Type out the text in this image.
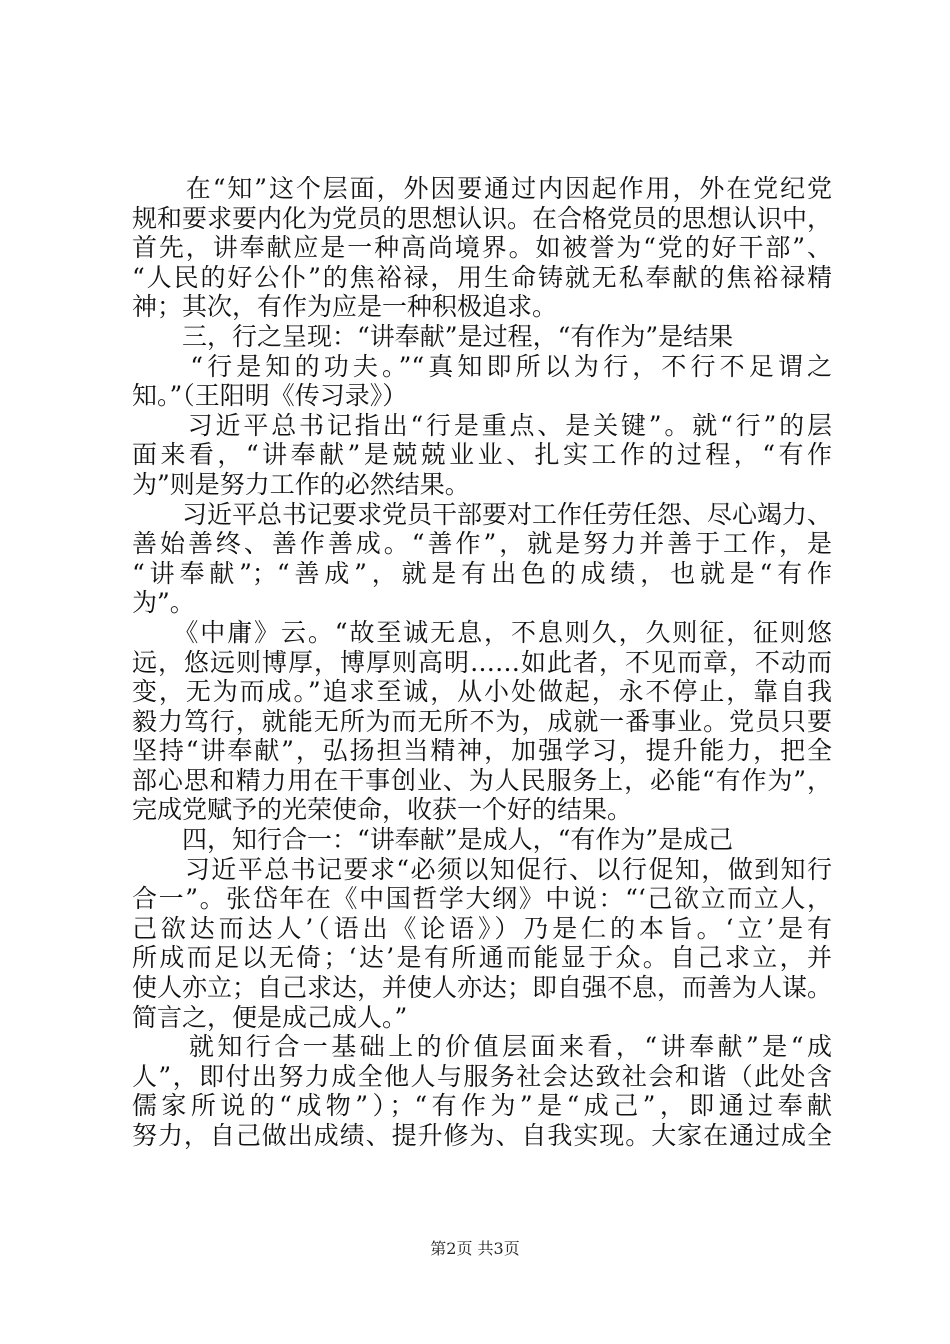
　　在“知”这个层面，外因要通过内因起作用，外在党纪党
规和要求要内化为党员的思想认识。在合格党员的思想认识中，
首先，讲奉献应是一种高尚境界。如被誉为“党的好干部”、
“人民的好公仆”的焦裕禄，用生命铸就无私奉献的焦裕禄精
神；其次，有作为应是一种积极追求。
　　三，行之呈现：“讲奉献”是过程，“有作为”是结果
　　“行是知的功夫。”“真知即所以为行，不行不足谓之
知。”（王阳明《传习录》）
　　习近平总书记指出“行是重点、是关键”。就“行”的层
面来看，“讲奉献”是兢兢业业、扎实工作的过程，“有作
为”则是努力工作的必然结果。
　　习近平总书记要求党员干部要对工作任劳任怨、尽心竭力、
善始善终、善作善成。“善作”，就是努力并善于工作，是
“讲奉献”；“善成”，就是有出色的成绩，也就是“有作
为”。
　　《中庸》云。“故至诚无息，不息则久，久则征，征则悠
远，悠远则博厚，博厚则高明……如此者，不见而章，不动而
变，无为而成。”追求至诚，从小处做起，永不停止，靠自我
毅力笃行，就能无所为而无所不为，成就一番事业。党员只要
坚持“讲奉献”，弘扬担当精神，加强学习，提升能力，把全
部心思和精力用在干事创业、为人民服务上，必能“有作为”，
完成党赋予的光荣使命，收获一个好的结果。
　　四，知行合一：“讲奉献”是成人，“有作为”是成己
　　习近平总书记要求“必须以知促行、以行促知，做到知行
合一”。张岱年在《中国哲学大纲》中说：“‘己欲立而立人，
己欲达而达人’（语出《论语》）乃是仁的本旨。‘立’是有
所成而足以无倚；‘达’是有所通而能显于众。自己求立，并
使人亦立；自己求达，并使人亦达；即自强不息，而善为人谋。
简言之，便是成己成人。”
　　就知行合一基础上的价值层面来看，“讲奉献”是“成
人”，即付出努力成全他人与服务社会达致社会和谐（此处含
儒家所说的“成物”）；“有作为”是“成己”，即通过奉献
努力，自己做出成绩、提升修为、自我实现。大家在通过成全
第2页 共3页
